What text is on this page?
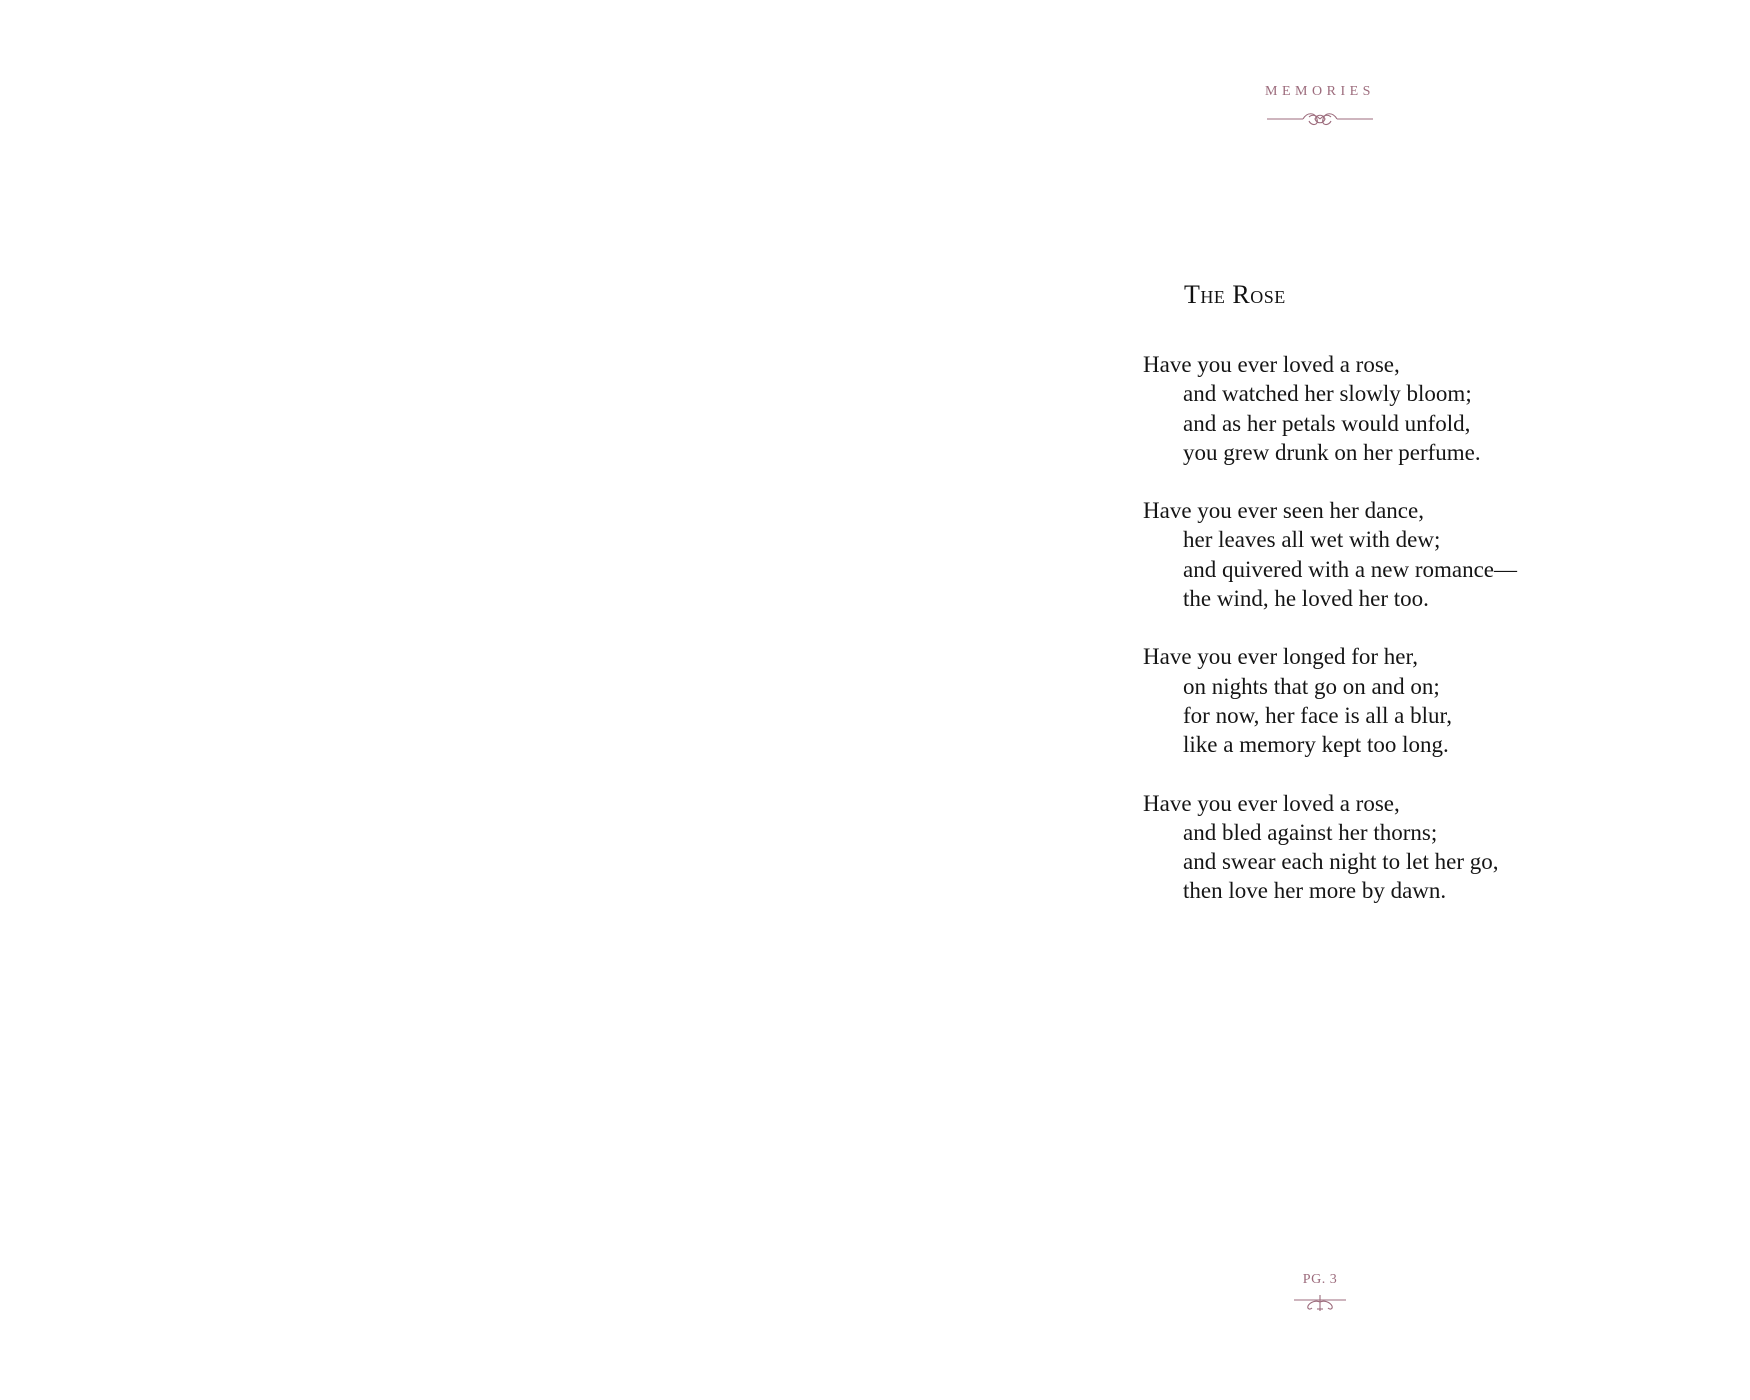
MEMORIES
The Rose
Have you ever loved a rose,
and watched her slowly bloom;
and as her petals would unfold,
you grew drunk on her perfume.
Have you ever seen her dance,
her leaves all wet with dew;
and quivered with a new romance—
the wind, he loved her too.
Have you ever longed for her,
on nights that go on and on;
for now, her face is all a blur,
like a memory kept too long.
Have you ever loved a rose,
and bled against her thorns;
and swear each night to let her go,
then love her more by dawn.
PG. 3
